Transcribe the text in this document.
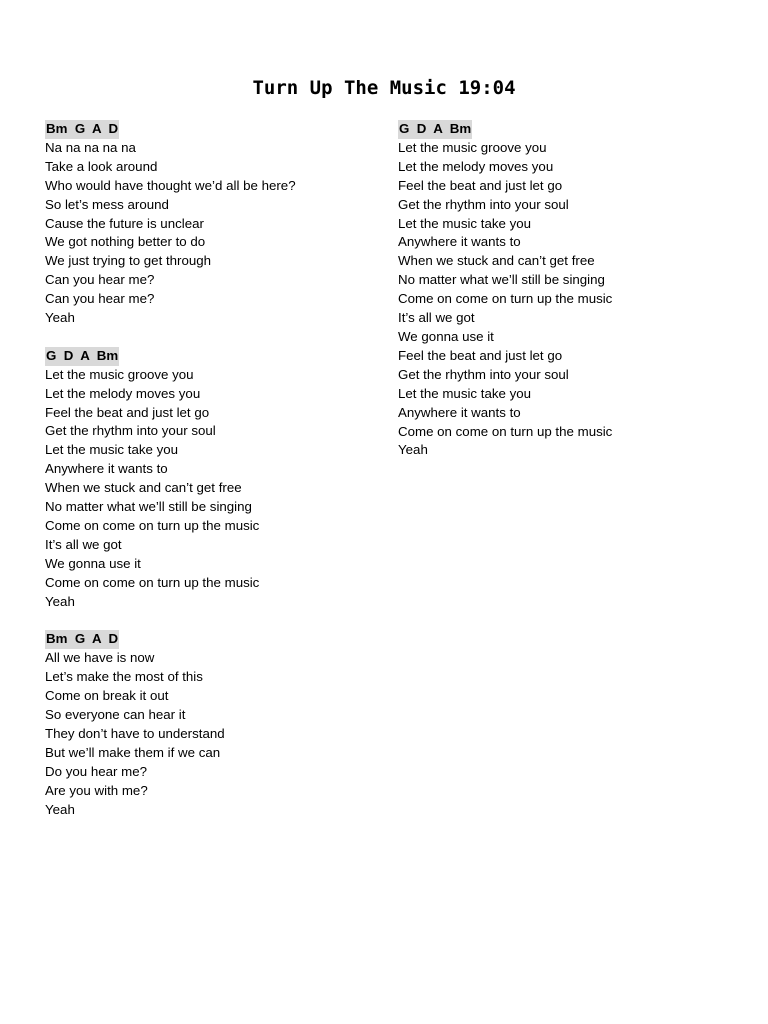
Turn Up The Music 19:04
Bm  G  A  D
Na na na na na
Take a look around
Who would have thought we’d all be here?
So let’s mess around
Cause the future is unclear
We got nothing better to do
We just trying to get through
Can you hear me?
Can you hear me?
Yeah
G  D  A  Bm
Let the music groove you
Let the melody moves you
Feel the beat and just let go
Get the rhythm into your soul
Let the music take you
Anywhere it wants to
When we stuck and can’t get free
No matter what we’ll still be singing
Come on come on turn up the music
It’s all we got
We gonna use it
Come on come on turn up the music
Yeah
Bm  G  A  D
All we have is now
Let’s make the most of this
Come on break it out
So everyone can hear it
They don’t have to understand
But we’ll make them if we can
Do you hear me?
Are you with me?
Yeah
G  D  A  Bm
Let the music groove you
Let the melody moves you
Feel the beat and just let go
Get the rhythm into your soul
Let the music take you
Anywhere it wants to
When we stuck and can’t get free
No matter what we’ll still be singing
Come on come on turn up the music
It’s all we got
We gonna use it
Feel the beat and just let go
Get the rhythm into your soul
Let the music take you
Anywhere it wants to
Come on come on turn up the music
Yeah
